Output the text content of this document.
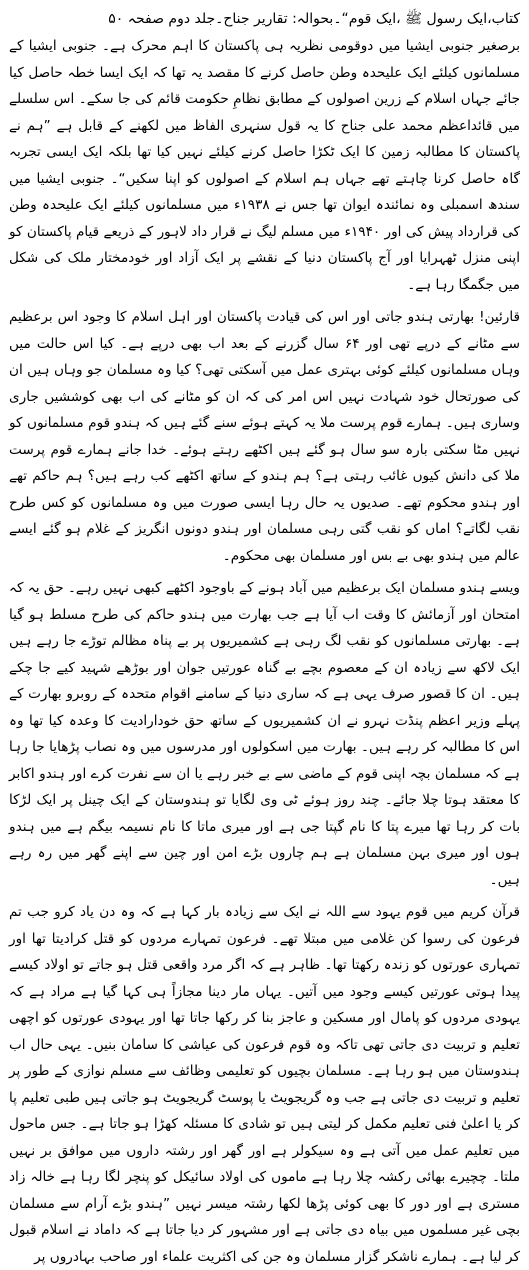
کتاب،ایک رسول ﷺ ،ایک قوم“۔بحوالہ: تقاریر جناح۔جلد دوم صفحہ ۵۰

برصغیر جنوبی ایشیا میں دوقومی نظریہ ہی پاکستان کا اہم محرک ہے۔ جنوبی ایشیا کے مسلمانوں کیلئے ایک علیحدہ وطن حاصل کرنے کا مقصد یہ تھا کہ ایک ایسا خطہ حاصل کیا جائے جہاں اسلام کے زرین اصولوں کے مطابق نظامِ حکومت قائم کی جا سکے۔ اس سلسلے میں قائداعظم محمد علی جناح کا یہ قول سنہری الفاظ میں لکھنے کے قابل ہے ”ہم نے پاکستان کا مطالبہ زمین کا ایک ٹکڑا حاصل کرنے کیلئے نہیں کیا تھا بلکہ ایک ایسی تجربہ گاہ حاصل کرنا چاہتے تھے جہاں ہم اسلام کے اصولوں کو اپنا سکیں“۔ جنوبی ایشیا میں سندھ اسمبلی وہ نمائندہ ایوان تھا جس نے ۱۹۳۸ء میں مسلمانوں کیلئے ایک علیحدہ وطن کی قرارداد پیش کی اور ۱۹۴۰ء میں مسلم لیگ نے قرار داد لاہور کے ذریعے قیام پاکستان کو اپنی منزل ٹھہرایا اور آج پاکستان دنیا کے نقشے پر ایک آزاد اور خودمختار ملک کی شکل میں جگمگا رہا ہے۔

قارئین! بھارتی ہندو جاتی اور اس کی قیادت پاکستان اور اہل اسلام کا وجود اس برعظیم سے مٹانے کے درپے تھی اور ۶۴ سال گزرنے کے بعد اب بھی درپے ہے۔ کیا اس حالت میں وہاں مسلمانوں کیلئے کوئی بہتری عمل میں آسکتی تھی؟ کیا وہ مسلمان جو وہاں ہیں ان کی صورتحال خود شہادت نہیں اس امر کی کہ ان کو مٹانے کی اب بھی کوششیں جاری وساری ہیں۔ ہمارے قوم پرست ملا یہ کہتے ہوئے سنے گئے ہیں کہ ہندو قوم مسلمانوں کو نہیں مٹا سکتی بارہ سو سال ہو گئے ہیں اکٹھے رہتے ہوئے۔ خدا جانے ہمارے قوم پرست ملا کی دانش کیوں غائب رہتی ہے؟ ہم ہندو کے ساتھ اکٹھے کب رہے ہیں؟ ہم حاکم تھے اور ہندو محکوم تھے۔ صدیوں یہ حال رہا ایسی صورت میں وہ مسلمانوں کو کس طرح نقب لگاتے؟ اماں کو نقب گتی رہی مسلمان اور ہندو دونوں انگریز کے غلام ہو گئے ایسے عالم میں ہندو بھی بے بس اور مسلمان بھی محکوم۔

ویسے ہندو مسلمان ایک برعظیم میں آباد ہونے کے باوجود اکٹھے کبھی نہیں رہے۔ حق یہ کہ امتحان اور آزمائش کا وقت اب آیا ہے جب بھارت میں ہندو حاکم کی طرح مسلط ہو گیا ہے۔ بھارتی مسلمانوں کو نقب لگ رہی ہے کشمیریوں پر بے پناہ مظالم توڑے جا رہے ہیں ایک لاکھ سے زیادہ ان کے معصوم بچے بے گناہ عورتیں جوان اور بوڑھے شہید کیے جا چکے ہیں۔ ان کا قصور صرف یہی ہے کہ ساری دنیا کے سامنے اقوام متحدہ کے روبرو بھارت کے پہلے وزیر اعظم پنڈت نہرو نے ان کشمیریوں کے ساتھ حق خودارادیت کا وعدہ کیا تھا وہ اس کا مطالبہ کر رہے ہیں۔ بھارت میں اسکولوں اور مدرسوں میں وہ نصاب پڑھایا جا رہا ہے کہ مسلمان بچہ اپنی قوم کے ماضی سے بے خبر رہے یا ان سے نفرت کرے اور ہندو اکابر کا معتقد ہوتا چلا جائے۔ چند روز ہوئے ٹی وی لگایا تو ہندوستان کے ایک چینل پر ایک لڑکا بات کر رہا تھا میرے پتا کا نام گپتا جی ہے اور میری ماتا کا نام نسیمہ بیگم ہے میں ہندو ہوں اور میری بہن مسلمان ہے ہم چاروں بڑے امن اور چین سے اپنے گھر میں رہ رہے ہیں۔

قرآن کریم میں قوم یہود سے اللہ نے ایک سے زیادہ بار کہا ہے کہ وہ دن یاد کرو جب تم فرعون کی رسوا کن غلامی میں مبتلا تھے۔ فرعون تمہارے مردوں کو قتل کرادیتا تھا اور تمہاری عورتوں کو زندہ رکھتا تھا۔ ظاہر ہے کہ اگر مرد واقعی قتل ہو جاتے تو اولاد کیسے پیدا ہوتی عورتیں کیسے وجود میں آتیں۔ یہاں مار دینا مجازاً ہی کہا گیا ہے مراد ہے کہ یہودی مردوں کو پامال اور مسکین و عاجز بنا کر رکھا جاتا تھا اور یہودی عورتوں کو اچھی تعلیم و تربیت دی جاتی تھی تاکہ وہ قوم فرعون کی عیاشی کا سامان بنیں۔ یہی حال اب ہندوستان میں ہو رہا ہے۔ مسلمان بچیوں کو تعلیمی وظائف سے مسلم نوازی کے طور پر تعلیم و تربیت دی جاتی ہے جب وہ گریجویٹ یا پوسٹ گریجویٹ ہو جاتی ہیں طبی تعلیم پا کر یا اعلیٰ فنی تعلیم مکمل کر لیتی ہیں تو شادی کا مسئلہ کھڑا ہو جاتا ہے۔ جس ماحول میں تعلیم عمل میں آتی ہے وہ سیکولر ہے اور گھر اور رشتہ داروں میں موافق بر نہیں ملتا۔ چچیرے بھائی رکشہ چلا رہا ہے ماموں کی اولاد سائیکل کو پنچر لگا رہا ہے خالہ زاد مستری ہے اور دور کا بھی کوئی پڑھا لکھا رشتہ میسر نہیں ”ہندو بڑے آرام سے مسلمان بچی غیر مسلموں میں بیاہ دی جاتی ہے اور مشہور کر دیا جاتا ہے کہ داماد نے اسلام قبول کر لیا ہے۔ ہمارے ناشکر گزار مسلمان وہ جن کی اکثریت علماء اور صاحب بہادروں پر
